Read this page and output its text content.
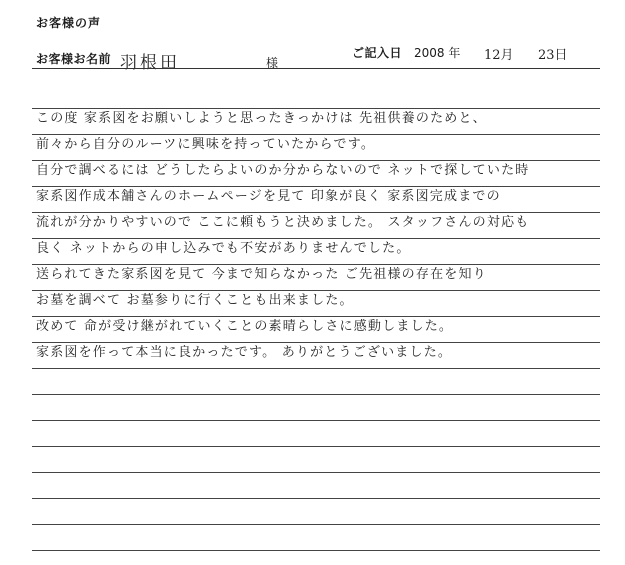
お客様の声
お客様お名前 羽根田	様
ご記入日 2008 年 12月 23日
この度 家系図をお願いしようと思ったきっかけは 先祖供養のためと、
前々から自分のルーツに興味を持っていたからです。
自分で調べるには どうしたらよいのか分からないので ネットで探していた時
家系図作成本舗さんのホームページを見て 印象が良く 家系図完成までの
流れが分かりやすいので ここに頼もうと決めました。 スタッフさんの対応も
良く ネットからの申し込みでも不安がありませんでした。
送られてきた家系図を見て 今まで知らなかった ご先祖様の存在を知り
お墓を調べて お墓参りに行くことも出来ました。
改めて 命が受け継がれていくことの素晴らしさに感動しました。
家系図を作って本当に良かったです。 ありがとうございました。
